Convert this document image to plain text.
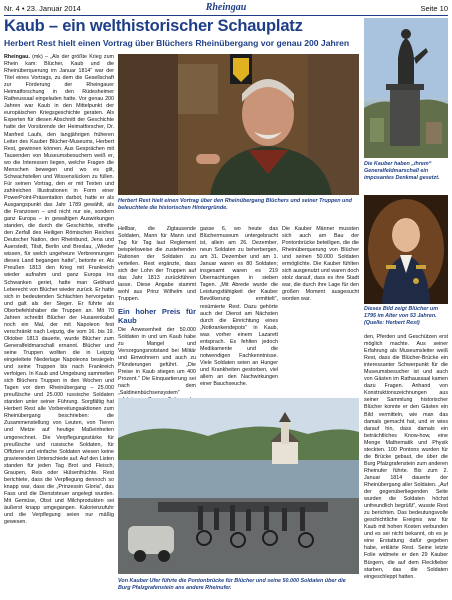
Nr. 4 • 23. Januar 2014	Rheingau	Seite 10
Kaub – ein welthistorischer Schauplatz
Herbert Rest hielt einen Vortrag über Blüchers Rheinübergang vor genau 200 Jahren

Rheingau. (mk) – „Als der größte Krieg zum Rhein kam: Blücher, Kaub und die Rheinüberquerung im Januar 1814“ war der Titel eines Vortrags, zu dem die Gesellschaft zur Förderung der Rheingauer Heimatforschung in den Rüdesheimer Ratheussaal eingeladen hatte. Vor genau 200 Jahren war Kaub in den Mittelpunkt der europäischen Kriegsgeschichte geraten. Als Experten für diesen Abschnitt der Geschichte hatte der Vorsitzende der Heimatforscher, Dr. Manfred Laufs, den langjährigen früheren Leiter des Kauber Blücher-Museums, Herbert Rest, gewinnen können. Aus Gesprächen mit Tausenden von Museumsbesuchern weiß er, wo die Interessen liegen, welche Fragen die Menschen bewegen und wo es gilt, Schwachstellen und Wissenslücken zu füllen. Für seinen Vortrag, den er mit Texten und zahlreichen Illustrationen in Form einer PowerPoint-Präsentation darbot, hatte er als Ausgangspunkt das Jahr 1789 gewählt, als die Franzosen – und nicht nur sie, sondern ganz Europa – in gewaltigen Auswirkungen standen, die durch die Geschichte, streifte den Zerfall des Heiligen Römischen Reiches Deutscher Nation, den Rheinbund, Jena und Auerstedt, Tilsit, Berlin und Breslau, „Wieder wissen, für welch ungeheure Verbrennungen dieses Land begangen hatte“, betonte er. Als Preußen 1813 den Krieg mit Frankreich wieder aufnahm und ganz Europa ins Schwanken geriet, hatte man Gebhard Leberecht von Blücher wieder zurück. Er hatte sich in bedeutenden Schlachten hervorgetan und galt als der Sieger. Er führte als Oberbefehlshaber die Truppen an. Mit 70 Jahren schreibt Blücher der Husarenkabel noch ein Mal, der mit Napoleon fest verschränkt nach Leipzig, die vom 16. bis 19. Oktober 1813 dauerte, wurde Blücher zum Generalfeldmarschall ernannt. Blücher und seine Truppen wollten die in Leipzig eingeleitete Niederlage Napoleons besiegeln und seine Truppen bis nach Frankreich verfolgen. In Kaub und Umgebung sammelten sich Blüchers Truppen in den Wochen und Tagen vor dem Rheinübergang – 25.000 preußische und 25.000 russische Soldaten standen unter seiner Führung. Sorgfältig hat Herbert Rest alle Vorbereitungsaktionen zum Rheinübergang beschrieben: die Zusammenstellung von Leuten, von Tieren und Metze auf heutige Maßeinheiten umgerechnet. Die Verpflegungsstärke für preußische und russische Soldaten, für Offiziere und einfache Soldaten wiesen keine gravierenden Unterschiede auf. Auf den Listen standen für jeden Tag Brot und Fleisch, Graupen, Reis oder Hülsenfrüchte. Rest berichtete, dass die Verpflegung dennoch so knapp war, dass die „Prinzessin Gloria“, das Fass und die Dienststeuer angelegt wurden. Mit Gemüse, Obst und Milchprodukten sei äußerst knapp umgegangen. Kalorienzufuhr und die Verpflegung seien nur mäßig gewesen.

Herbert Rest hielt einen Vortrag über den Rheinübergang Blüchers und seiner Truppen und beleuchtete die historischen Hintergründe.

Hellbar, die Zigtausende Soldaten, Mann für Mann und Tag für Tag laut Reglement beispielsweise die zustehenden Rationen der Soldaten zu verteilen. Rest ergänzte, dass sich der Lohn der Truppen auf das Jahr 1813 zurückführen lasse. Diese Angabe stammt wohl aus Prinz Wilhelm und Truppen.

Ein hoher Preis für Kaub

Die Anwesenheit der 50.000 Soldaten in und um Kaub habe zu Mangel und Versorgungsnotstand bei Militär und Einwohnern und auch zu Plünderungen geführt. „Die Preise in Kaub stiegen um 400 Prozent.“ Die Einquartierung sei nach dem „Saldinenbüchsensystem“

gasse 6, wo heute das Blüchermuseum untergebracht ist, allein am 26. Dezember, neun Soldaten zu beherbergen, am 31. Dezember und am 1. Januar waren es 80 Soldaten; insgesamt waren es 219 Übernachtungen in sieben Tagen. „Mit Abrede wurde die Leistungsfähigkeit der Kauber Bevölkerung ermittelt“, resümierte Rest. Dazu gehörte auch der Dienst am Nächsten durch die Einrichtung eines „Notkrankendepots“ in Kaub, was vorher einem Lazarett entsprach. Es fehlten jedoch Medikamente und die notwendigen Fachkenntnisse. Viele Soldaten seien an Hunger und Krankheiten gestorben, viel allem an den Nachwirkungen einer Bauchseuche.

Die Kauber Männer mussten sich auch am Bau der Pontonbrücke beteiligen, die die Rheinüberquerung von Blücher und seinen 50.000 Soldaten ermöglichte. Die Kauber fühlten sich ausgenutzt und waren doch stolz darauf, dass es ihre Stadt war, die durch ihre Lage für den großen Moment ausgesucht worden war.

Von Kauber Ufer führte die Pontonbrücke für Blücher und seine 50.000 Soldaten über die Burg Pfalzgrafenstein ans andere Rheinufer.
Die Kauber haben „ihrem“ Generalfeldmarschall ein imposantes Denkmal gesetzt.
Dieses Bild zeigt Blücher um 1795 im Alter von 53 Jahren. (Quelle: Herbert Rest)

den, Pferden und Geschützen erst möglich machte. Aus seiner Erfahrung als Museumsleiter weiß Rest, dass die Blücher-Brücke ein interessanter Schwerpunkt für die Museumsbesucher ist und auch von Gästen im Rathaussaal kamen dazu Fragen. Anhand von Konstruktionszeichnungen aus seiner Sammlung historischer Blücher konnte er den Gästen ein Bild vermitteln, wie man das damals gemacht hat, und er wies darauf hin, dass damals ein beträchtliches Know-how, eine Menge Mathematik und Physik steckten. 100 Pontons wurden für die Brücke gebaut, die über die Burg Pfalzgrafenstein zum anderen Rheinufer führte. Bis zum 2. Januar 1814 dauerte der Rheinübergang aller Soldaten. „Auf der gegenüberliegenden Seite wurden die Soldaten höchst unfreundlich begrüßt“, wusste Rest zu berichten. Das bedeutungsvolle geschichtliche Ereignis war für Kaub mit hohen Kosten verbunden und es sei nicht bekannt, ob es je eine Erstattung dafür gegeben habe, erklärte Rest. Seine letzte Folie widmete er den 29 Kauber Bürgern, die auf dem Fleckfieber starben, das die Soldaten eingeschleppt hatten.
